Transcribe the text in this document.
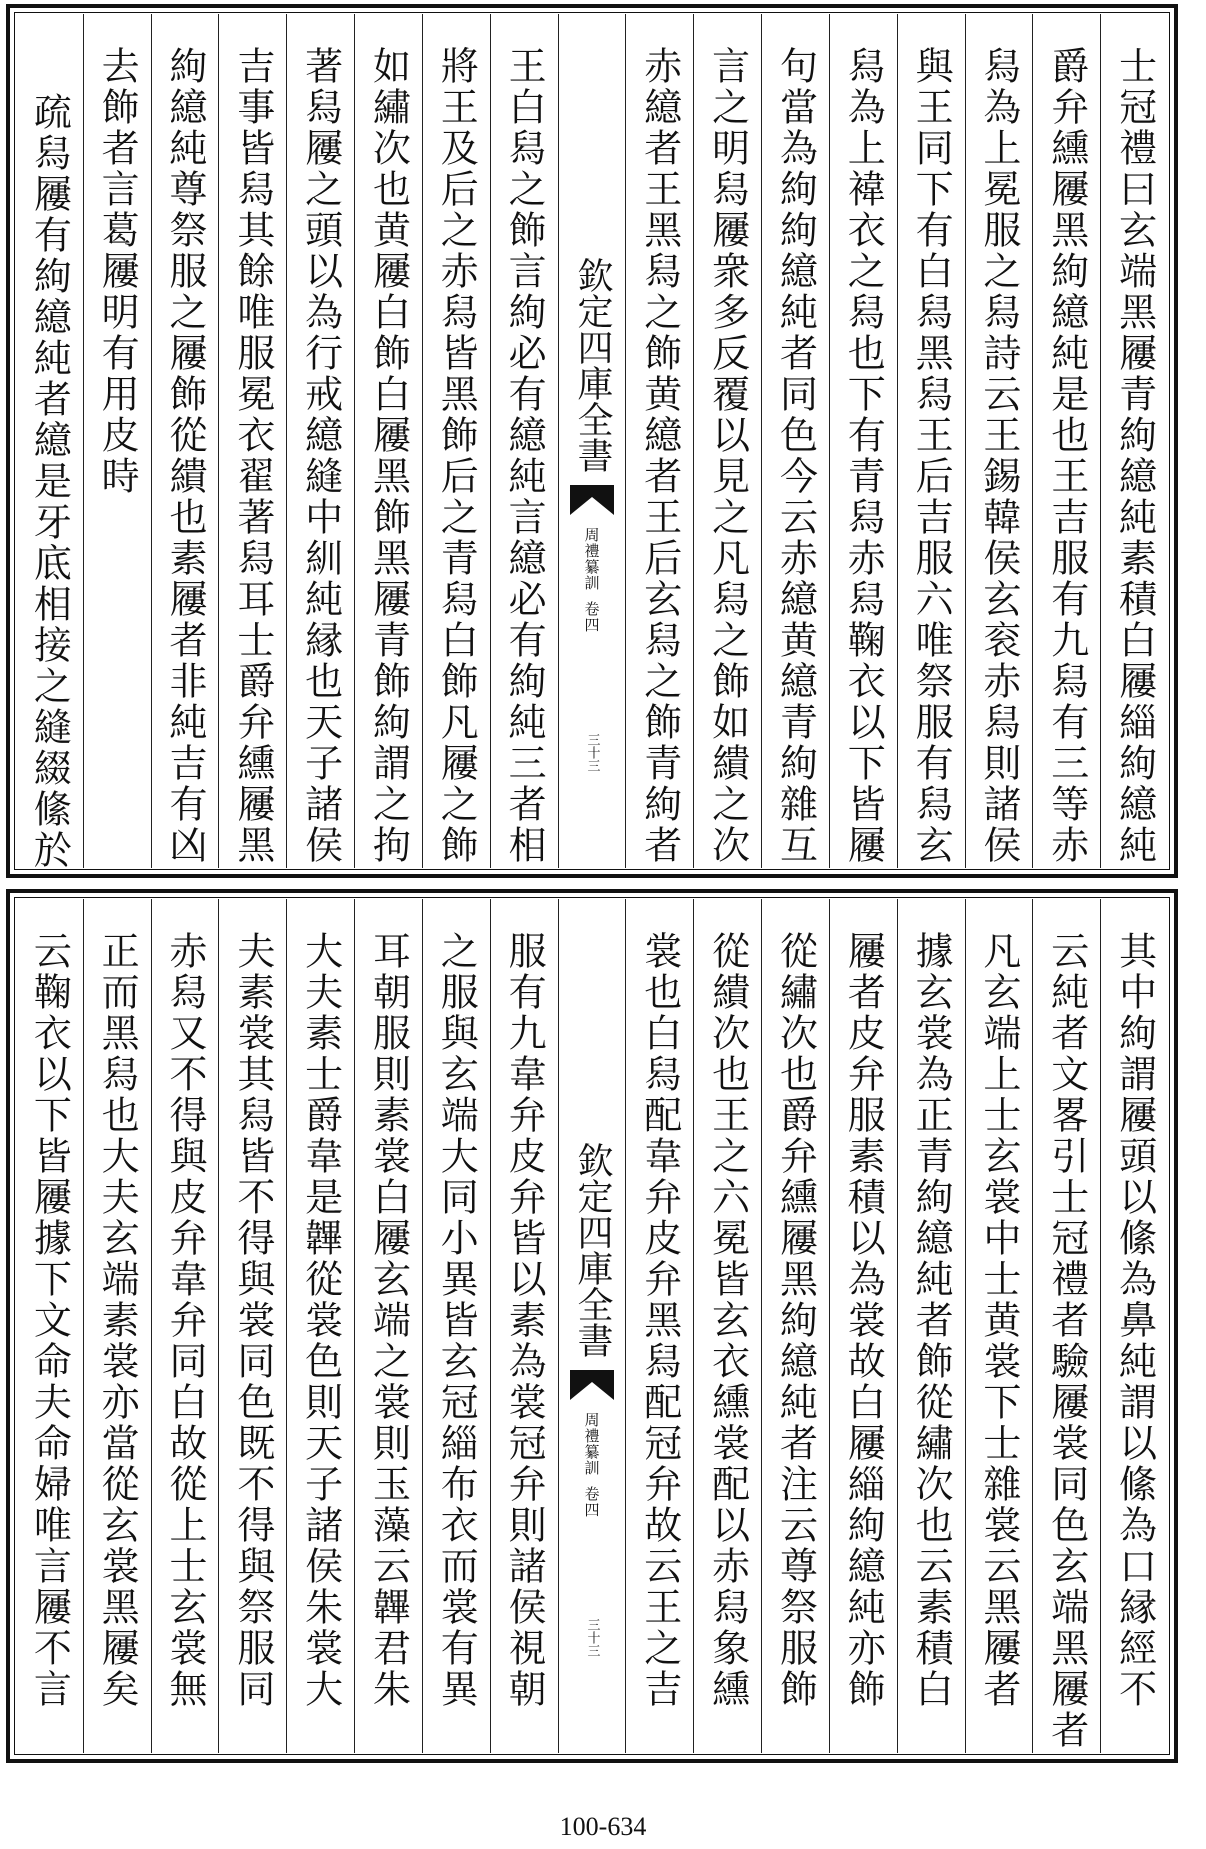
士冠禮曰玄端黑屨青絇繶純素積白屨緇絇繶純
爵弁纁屨黑絇繶純是也王吉服有九舄有三等赤
舄為上冕服之舄詩云王錫韓侯玄衮赤舄則諸侯
與王同下有白舄黑舄王后吉服六唯祭服有舄玄
舄為上褘衣之舄也下有青舄赤舄鞠衣以下皆屨
句當為絇絇繶純者同色今云赤繶黄繶青絇雜互
言之明舄屨衆多反覆以見之凡舄之飾如繢之次
赤繶者王黑舄之飾黄繶者王后玄舄之飾青絇者
欽定四庫全書
周禮纂訓
卷四
三十三
王白舄之飾言絇必有繶純言繶必有絇純三者相
將王及后之赤舄皆黑飾后之青舄白飾凡屨之飾
如繡次也黄屨白飾白屨黑飾黑屨青飾絇謂之拘
著舄屨之頭以為行戒繶縫中紃純縁也天子諸侯
吉事皆舄其餘唯服冕衣翟著舄耳士爵弁纁屨黑
絇繶純尊祭服之屨飾從繢也素屨者非純吉有凶
去飾者言葛屨明有用皮時
疏舄屨有絇繶純者繶是牙底相接之縫綴絛於
其中絇謂屨頭以絛為鼻純謂以絛為口縁經不
云純者文畧引士冠禮者驗屨裳同色玄端黑屨者
凡玄端上士玄裳中士黄裳下士雜裳云黑屨者
據玄裳為正青絇繶純者飾從繡次也云素積白
屨者皮弁服素積以為裳故白屨緇絇繶純亦飾
從繡次也爵弁纁屨黑絇繶純者注云尊祭服飾
從繢次也王之六冕皆玄衣纁裳配以赤舄象纁
裳也白舄配韋弁皮弁黑舄配冠弁故云王之吉
欽定四庫全書
周禮纂訓
卷四
三十三
服有九韋弁皮弁皆以素為裳冠弁則諸侯視朝
之服與玄端大同小異皆玄冠緇布衣而裳有異
耳朝服則素裳白屨玄端之裳則玉藻云韠君朱
大夫素士爵韋是韠從裳色則天子諸侯朱裳大
夫素裳其舄皆不得與裳同色既不得與祭服同
赤舄又不得與皮弁韋弁同白故從上士玄裳無
正而黑舄也大夫玄端素裳亦當從玄裳黑屨矣
云鞠衣以下皆屨據下文命夫命婦唯言屨不言
100-634
